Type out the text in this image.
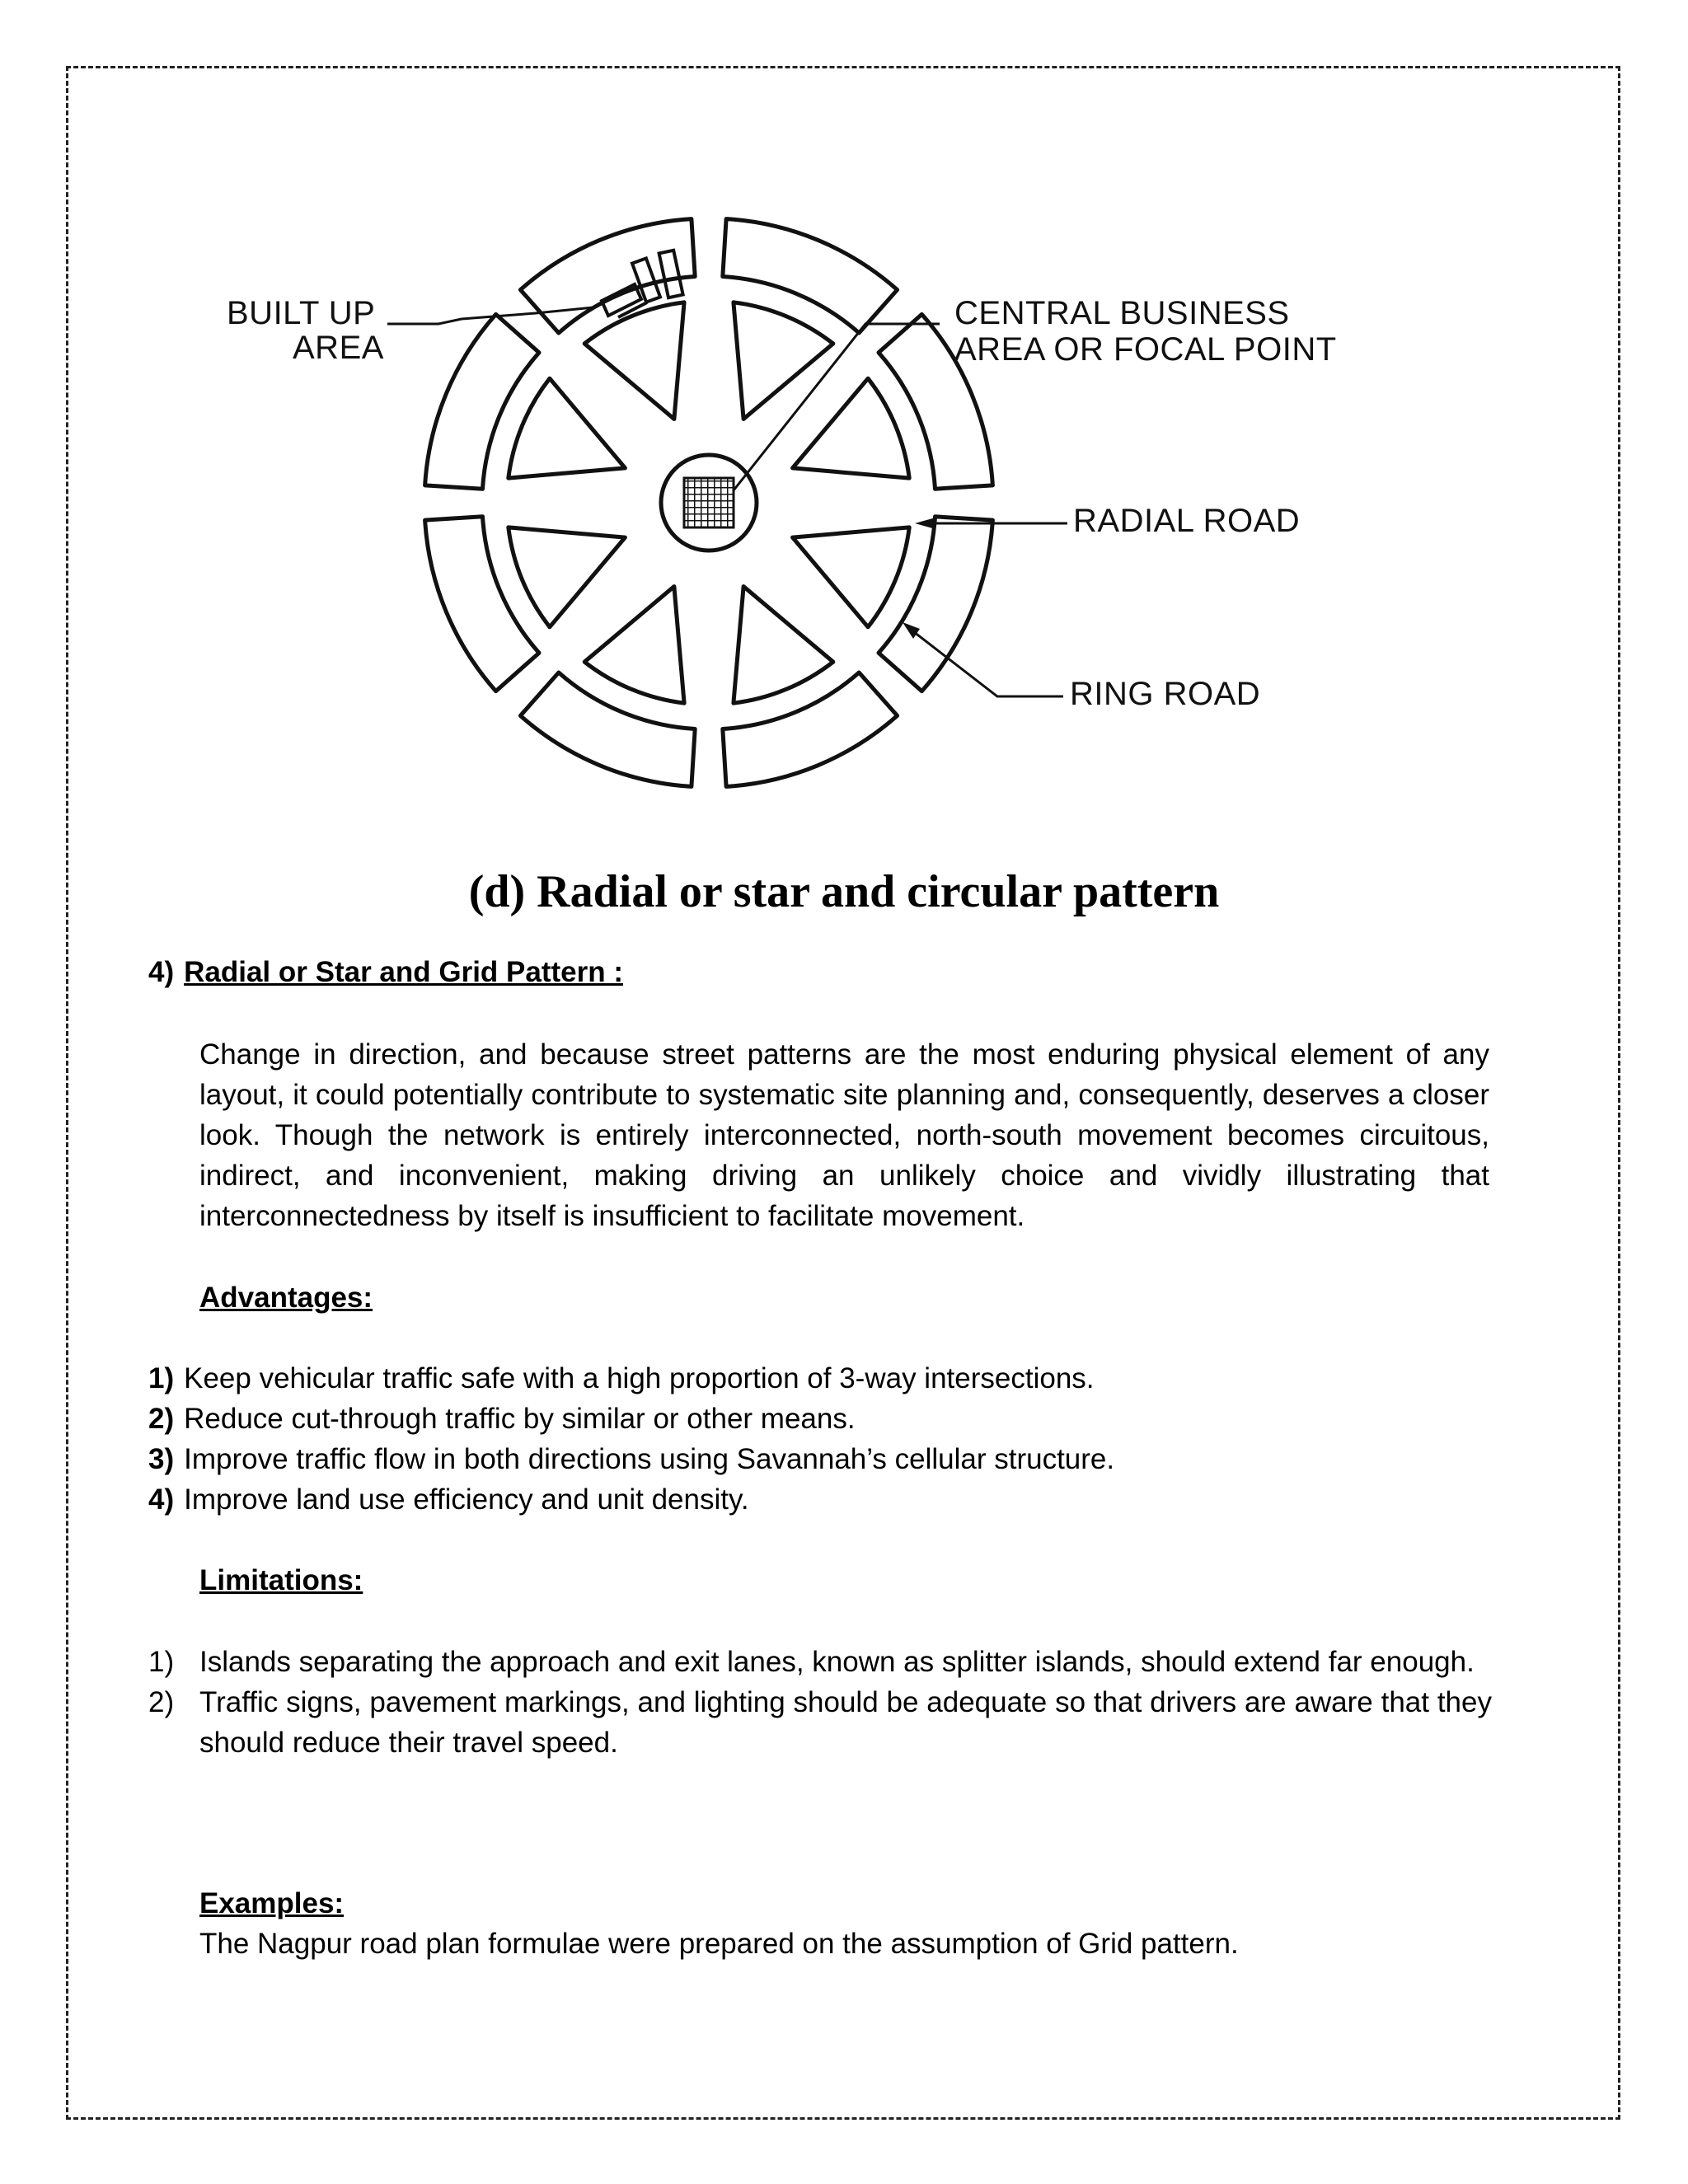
BUILT UP
AREA
CENTRAL BUSINESS
AREA OR FOCAL POINT
RADIAL ROAD
RING ROAD
(d) Radial or star and circular pattern
4) Radial or Star and Grid Pattern :
Change in direction, and because street patterns are the most enduring physical element of any layout, it could potentially contribute to systematic site planning and, consequently, deserves a closer look. Though the network is entirely interconnected, north-south movement becomes circuitous, indirect, and inconvenient, making driving an unlikely choice and vividly illustrating that interconnectedness by itself is insufficient to facilitate movement.
Advantages:
1) Keep vehicular traffic safe with a high proportion of 3-way intersections.
2) Reduce cut-through traffic by similar or other means.
3) Improve traffic flow in both directions using Savannah’s cellular structure.
4) Improve land use efficiency and unit density.
Limitations:
1) Islands separating the approach and exit lanes, known as splitter islands, should extend far enough.
2) Traffic signs, pavement markings, and lighting should be adequate so that drivers are aware that they should reduce their travel speed.
Examples:
The Nagpur road plan formulae were prepared on the assumption of Grid pattern.
